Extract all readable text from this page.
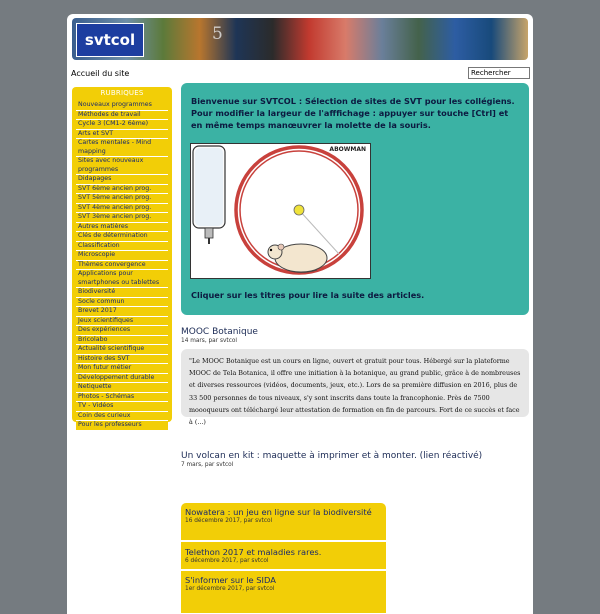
svtcol	5
Accueil du site	Rechercher
RUBRIQUES
Nouveaux programmes
Méthodes de travail
Cycle 3 (CM1-2 6ème)
Arts et SVT
Cartes mentales - Mind mapping
Sites avec nouveaux programmes
Didapages
SVT 6ème ancien prog.
SVT 5ème ancien prog.
SVT 4ème ancien prog.
SVT 3ème ancien prog.
Autres matières
Clés de détermination
Classification
Microscopie
Thèmes convergence
Applications pour smartphones ou tablettes
Biodiversité
Socle commun
Brevet 2017
Jeux scientifiques
Des expériences
Bricolabo
Actualité scientifique
Histoire des SVT
Mon futur métier
Développement durable
Netiquette
Photos - Schémas
TV - Vidéos
Coin des curieux
Pour les professeurs
Bienvenue sur SVTCOL : Sélection de sites de SVT pour les collégiens. Pour modifier la largeur de l'afffichage : appuyer sur touche [Ctrl] et en même temps manœuvrer la molette de la souris.
ABOWMAN
Cliquer sur les titres pour lire la suite des articles.
MOOC Botanique
14 mars, par svtcol
"Le MOOC Botanique est un cours en ligne, ouvert et gratuit pour tous. Hébergé sur la plateforme MOOC de Tela Botanica, il offre une initiation à la botanique, au grand public, grâce à de nombreuses et diverses ressources (vidéos, documents, jeux, etc.). Lors de sa première diffusion en 2016, plus de 33 500 personnes de tous niveaux, s'y sont inscrits dans toute la francophonie. Près de 7500 moooqueurs ont téléchargé leur attestation de formation en fin de parcours. Fort de ce succès et face à (...)
Un volcan en kit : maquette à imprimer et à monter. (lien réactivé)
7 mars, par svtcol
Nowatera : un jeu en ligne sur la biodiversité
16 décembre 2017, par svtcol
Telethon 2017 et maladies rares.
6 décembre 2017, par svtcol
S'informer sur le SIDA
1er décembre 2017, par svtcol
